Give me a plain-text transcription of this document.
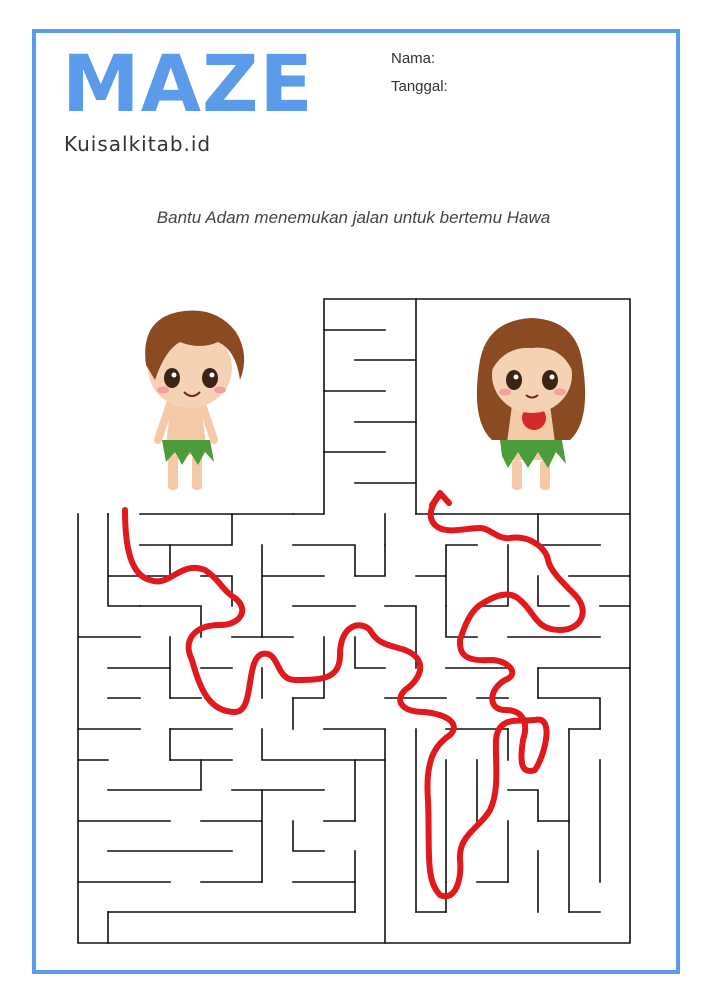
MAZE
Kuisalkitab.id
Nama:
Tanggal:
Bantu Adam menemukan jalan untuk bertemu Hawa
